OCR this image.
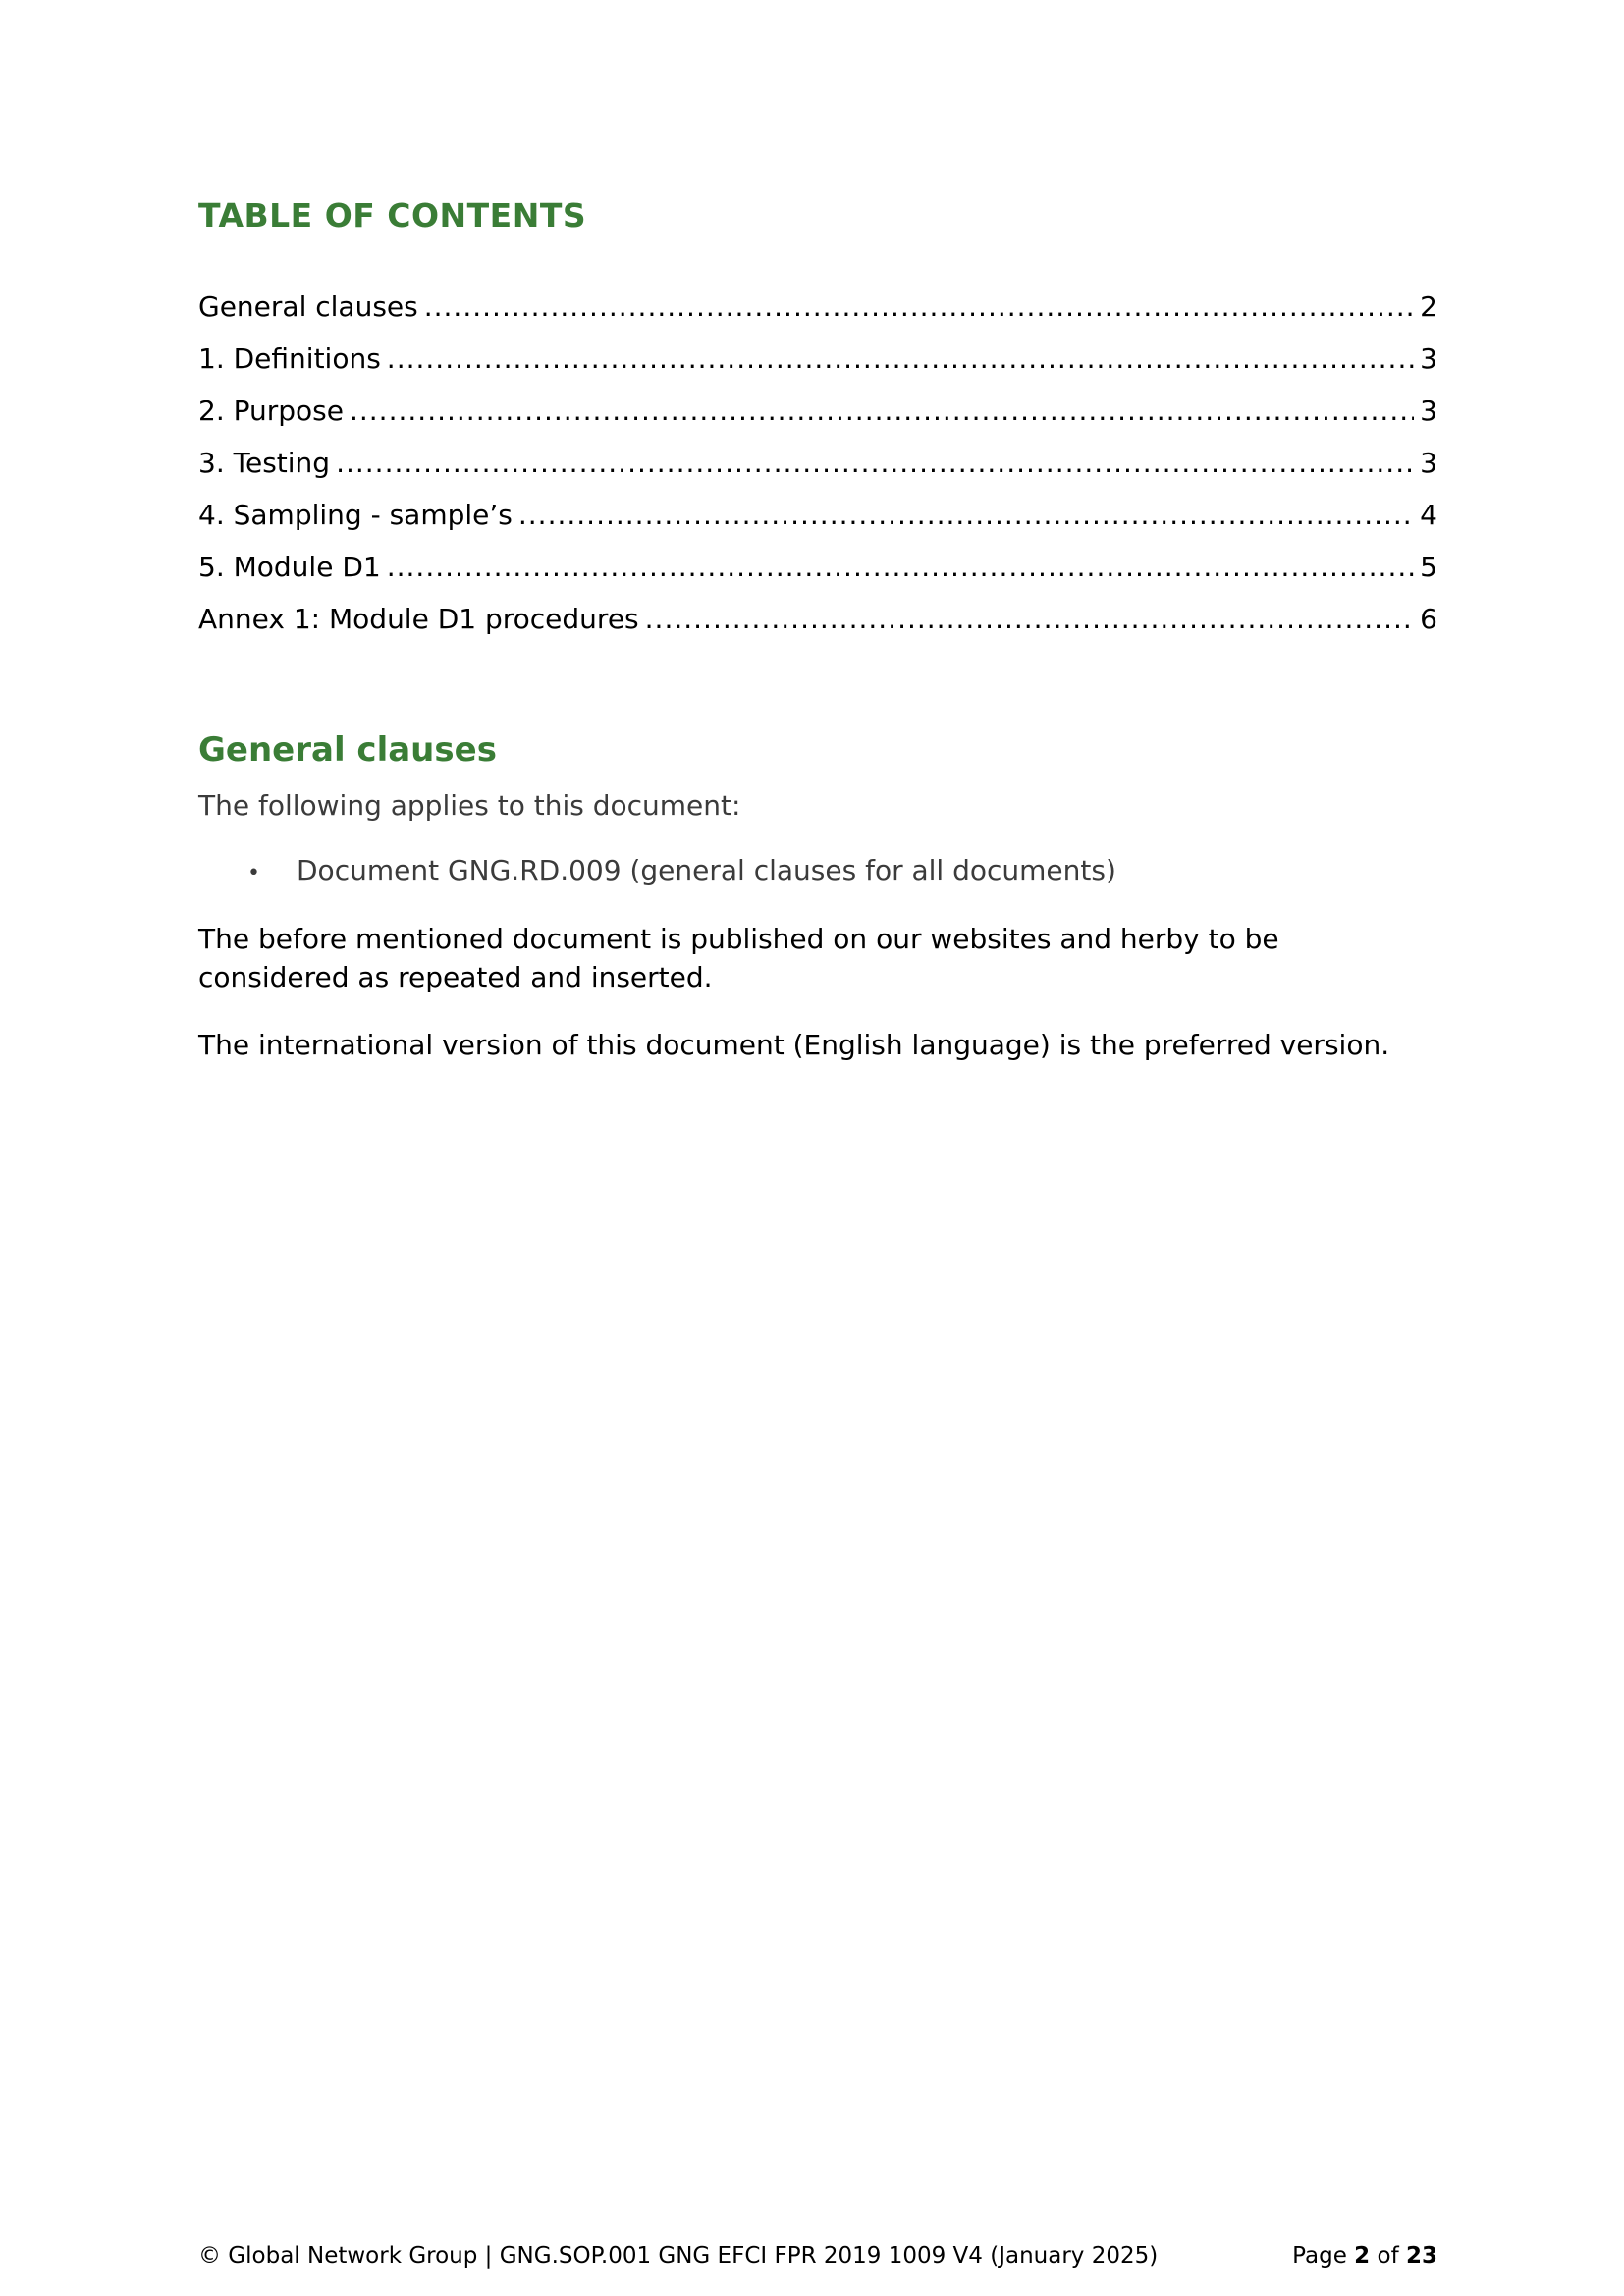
TABLE OF CONTENTS
General clauses .....	2
1. Definitions .....	3
2. Purpose .....	3
3. Testing .....	3
4. Sampling - sample’s .....	4
5. Module D1 .....	5
Annex 1: Module D1 procedures .....	6
General clauses

The following applies to this document:

•	Document GNG.RD.009 (general clauses for all documents)

The before mentioned document is published on our websites and herby to be considered as repeated and inserted.

The international version of this document (English language) is the preferred version.

© Global Network Group | GNG.SOP.001 GNG EFCI FPR 2019 1009 V4 (January 2025)	Page 2 of 23
